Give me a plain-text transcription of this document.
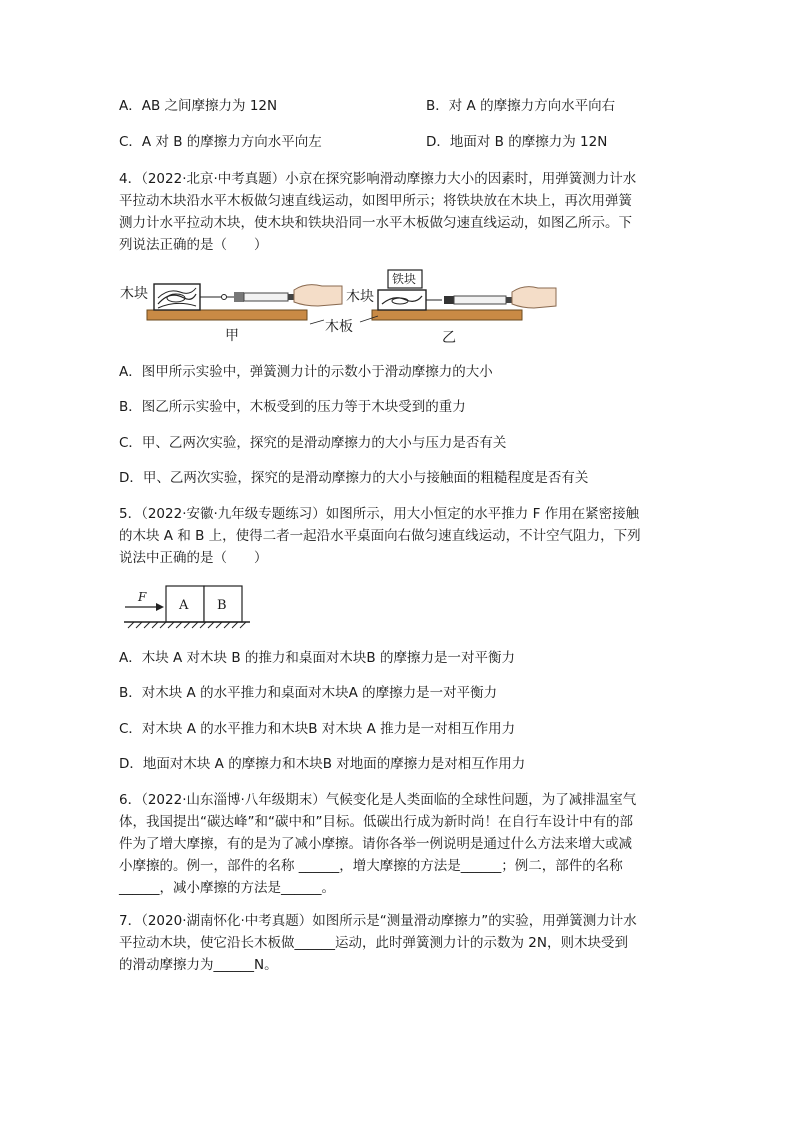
A．AB 之间摩擦力为 12N	B．对 A 的摩擦力方向水平向右
C．A 对 B 的摩擦力方向水平向左	D．地面对 B 的摩擦力为 12N
4．（2022·北京·中考真题）小京在探究影响滑动摩擦力大小的因素时，用弹簧测力计水
平拉动木块沿水平木板做匀速直线运动，如图甲所示；将铁块放在木块上，再次用弹簧
测力计水平拉动木块，使木块和铁块沿同一水平木板做匀速直线运动，如图乙所示。下
列说法正确的是（　　）
木块	木块
铁块
木板
甲	乙
A．图甲所示实验中，弹簧测力计的示数小于滑动摩擦力的大小
B．图乙所示实验中，木板受到的压力等于木块受到的重力
C．甲、乙两次实验，探究的是滑动摩擦力的大小与压力是否有关
D．甲、乙两次实验，探究的是滑动摩擦力的大小与接触面的粗糙程度是否有关
5．（2022·安徽·九年级专题练习）如图所示，用大小恒定的水平推力 F 作用在紧密接触
的木块 A 和 B 上，使得二者一起沿水平桌面向右做匀速直线运动，不计空气阻力，下列
说法中正确的是（　　）
F
A B
A．木块 A 对木块 B 的推力和桌面对木块B 的摩擦力是一对平衡力
B．对木块 A 的水平推力和桌面对木块A 的摩擦力是一对平衡力
C．对木块 A 的水平推力和木块B 对木块 A 推力是一对相互作用力
D．地面对木块 A 的摩擦力和木块B 对地面的摩擦力是对相互作用力
6．（2022·山东淄博·八年级期末）气候变化是人类面临的全球性问题，为了减排温室气
体，我国提出“碳达峰”和“碳中和”目标。低碳出行成为新时尚！在自行车设计中有的部
件为了增大摩擦，有的是为了减小摩擦。请你各举一例说明是通过什么方法来增大或减
小摩擦的。例一，部件的名称 ______，增大摩擦的方法是______；例二，部件的名称
______，减小摩擦的方法是______。
7．（2020·湖南怀化·中考真题）如图所示是“测量滑动摩擦力”的实验，用弹簧测力计水
平拉动木块，使它沿长木板做______运动，此时弹簧测力计的示数为 2N，则木块受到
的滑动摩擦力为______N。
